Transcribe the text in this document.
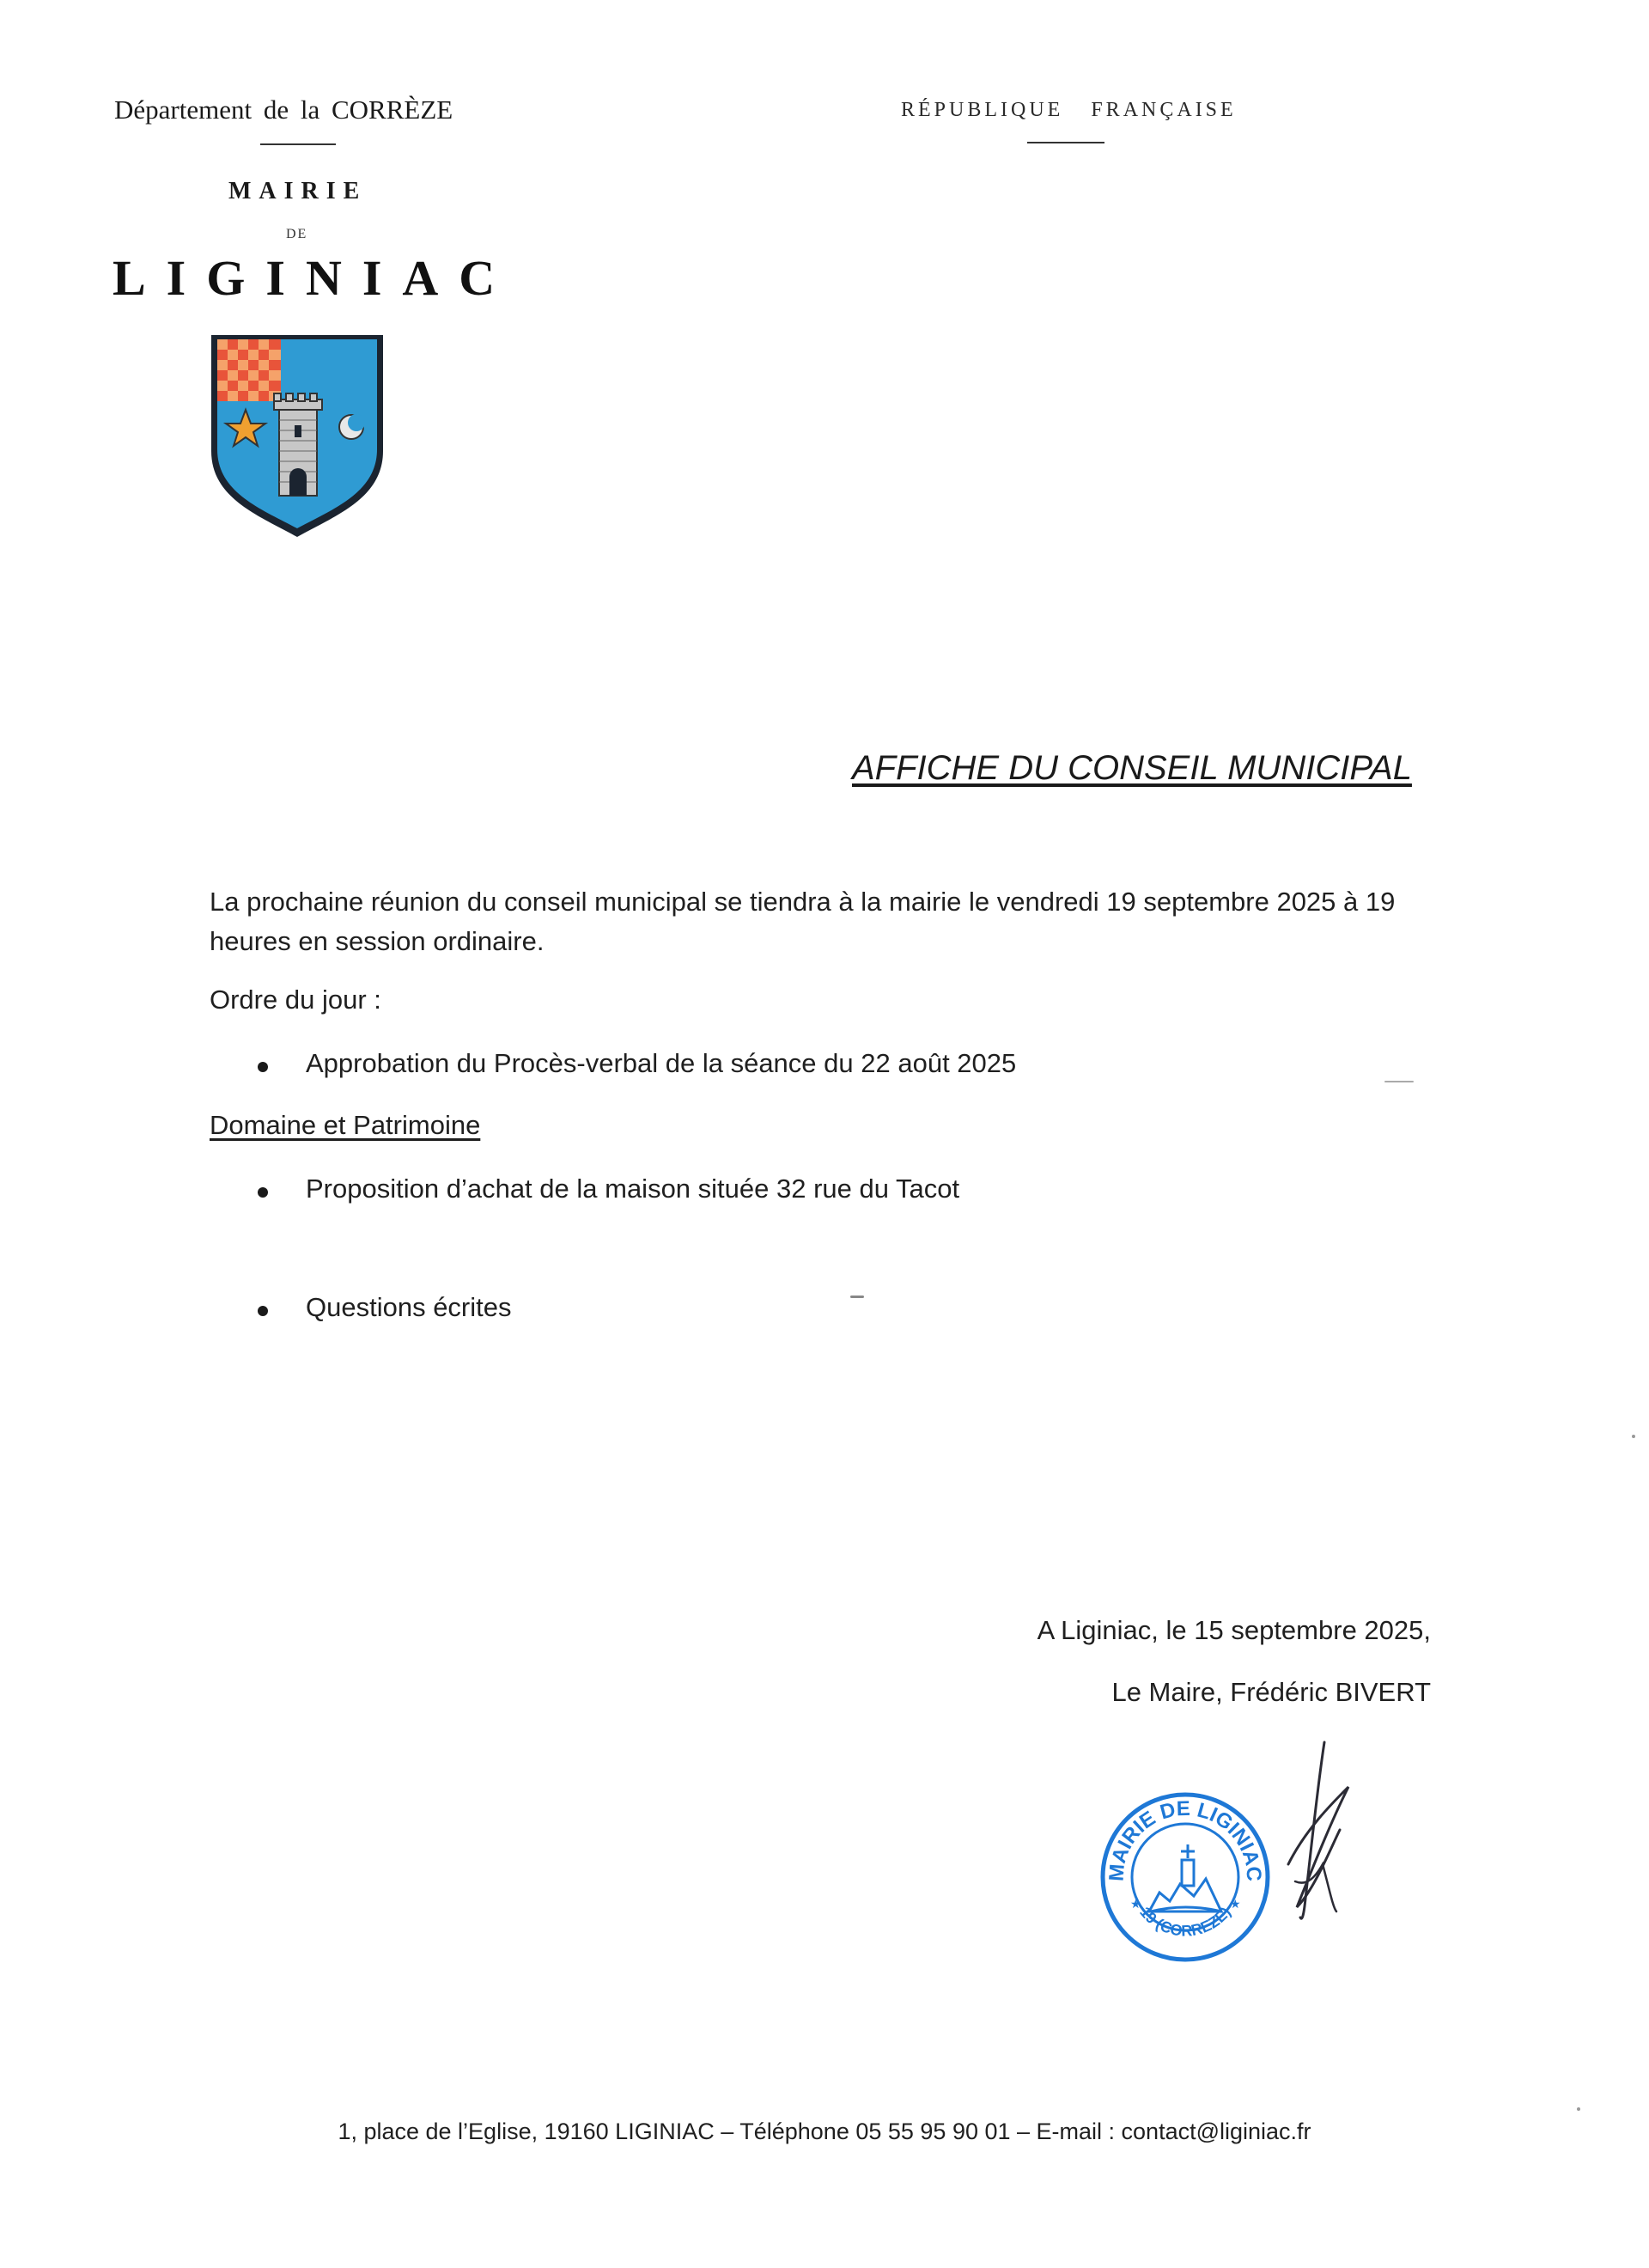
Département de la CORRÈZE	RÉPUBLIQUE FRANÇAISE
MAIRIE
DE
LIGINIAC
AFFICHE DU CONSEIL MUNICIPAL
La prochaine réunion du conseil municipal se tiendra à la mairie le vendredi 19 septembre 2025 à 19 heures en session ordinaire.
Ordre du jour :
Approbation du Procès-verbal de la séance du 22 août 2025
Domaine et Patrimoine
Proposition d’achat de la maison située 32 rue du Tacot
Questions écrites
A Liginiac, le 15 septembre 2025,
Le Maire, Frédéric BIVERT
MAIRIE DE LIGINIAC
19 (CORREZE)
★	★
1, place de l’Eglise, 19160 LIGINIAC – Téléphone 05 55 95 90 01 – E-mail : contact@liginiac.fr
